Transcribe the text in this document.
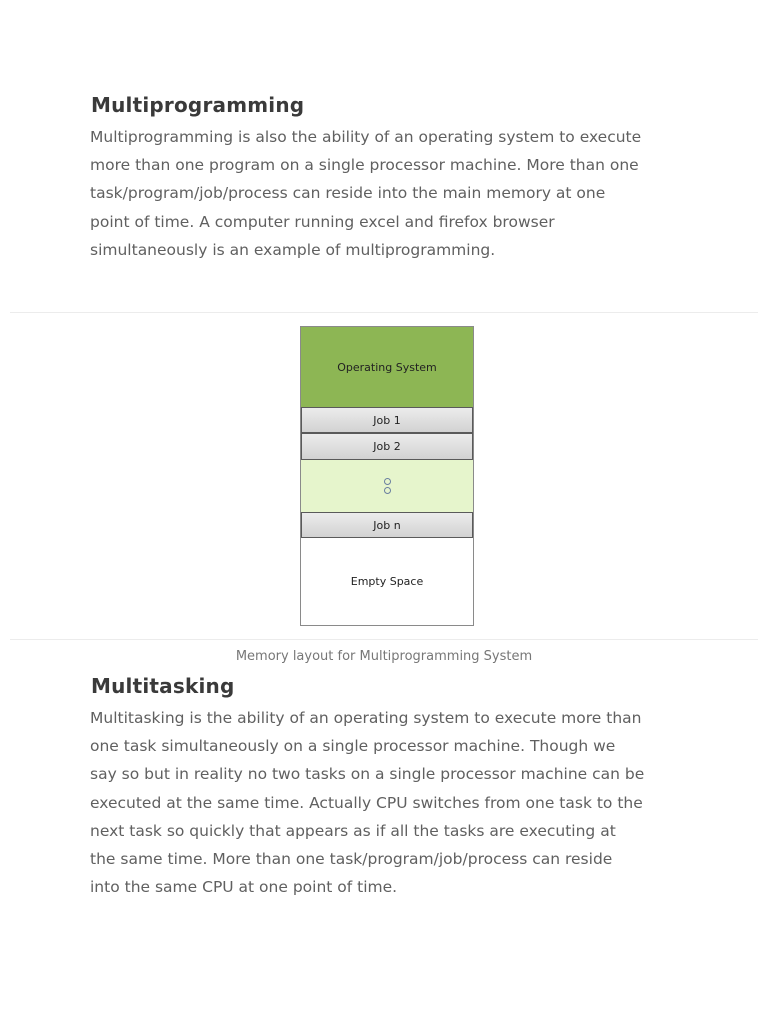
Multiprogramming

Multiprogramming is also the ability of an operating system to execute
more than one program on a single processor machine. More than one
task/program/job/process can reside into the main memory at one
point of time. A computer running excel and firefox browser
simultaneously is an example of multiprogramming.

Operating System
Job 1
Job 2
Job n
Empty Space

Memory layout for Multiprogramming System

Multitasking

Multitasking is the ability of an operating system to execute more than
one task simultaneously on a single processor machine. Though we
say so but in reality no two tasks on a single processor machine can be
executed at the same time. Actually CPU switches from one task to the
next task so quickly that appears as if all the tasks are executing at
the same time. More than one task/program/job/process can reside
into the same CPU at one point of time.
